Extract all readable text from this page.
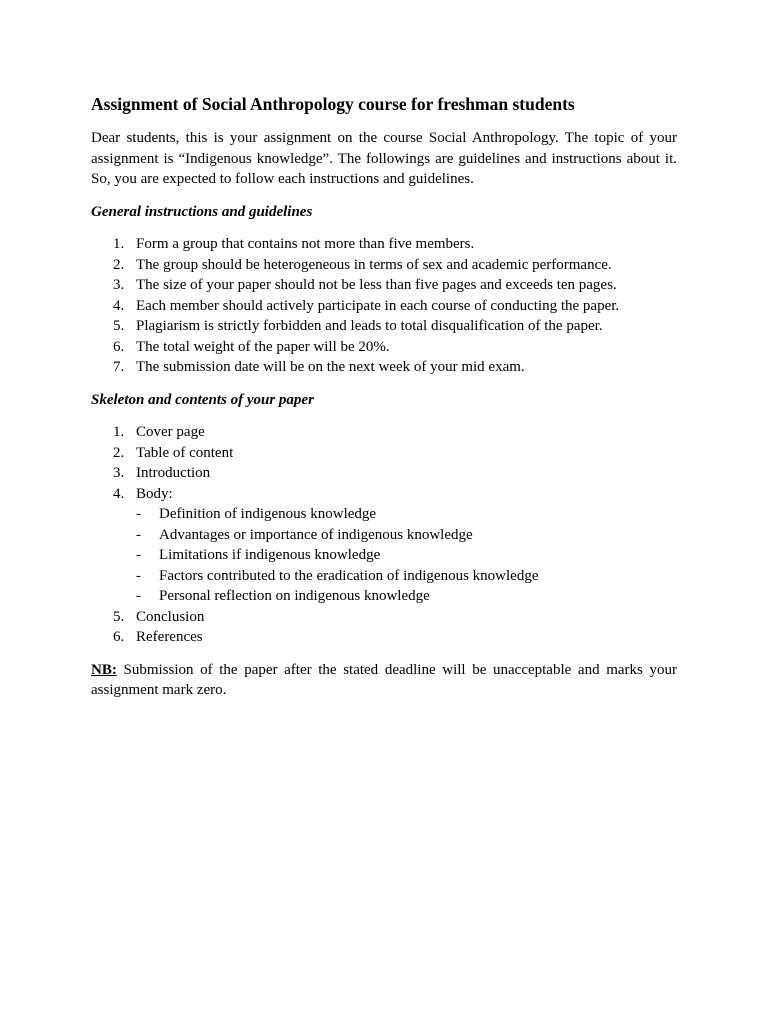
Assignment of Social Anthropology course for freshman students

Dear students, this is your assignment on the course Social Anthropology. The topic of your assignment is “Indigenous knowledge”. The followings are guidelines and instructions about it. So, you are expected to follow each instructions and guidelines.

General instructions and guidelines
1. Form a group that contains not more than five members.
2. The group should be heterogeneous in terms of sex and academic performance.
3. The size of your paper should not be less than five pages and exceeds ten pages.
4. Each member should actively participate in each course of conducting the paper.
5. Plagiarism is strictly forbidden and leads to total disqualification of the paper.
6. The total weight of the paper will be 20%.
7. The submission date will be on the next week of your mid exam.
Skeleton and contents of your paper
1. Cover page
2. Table of content
3. Introduction
4. Body:
- Definition of indigenous knowledge
- Advantages or importance of indigenous knowledge
- Limitations if indigenous knowledge
- Factors contributed to the eradication of indigenous knowledge
- Personal reflection on indigenous knowledge
5. Conclusion
6. References

NB: Submission of the paper after the stated deadline will be unacceptable and marks your assignment mark zero.
